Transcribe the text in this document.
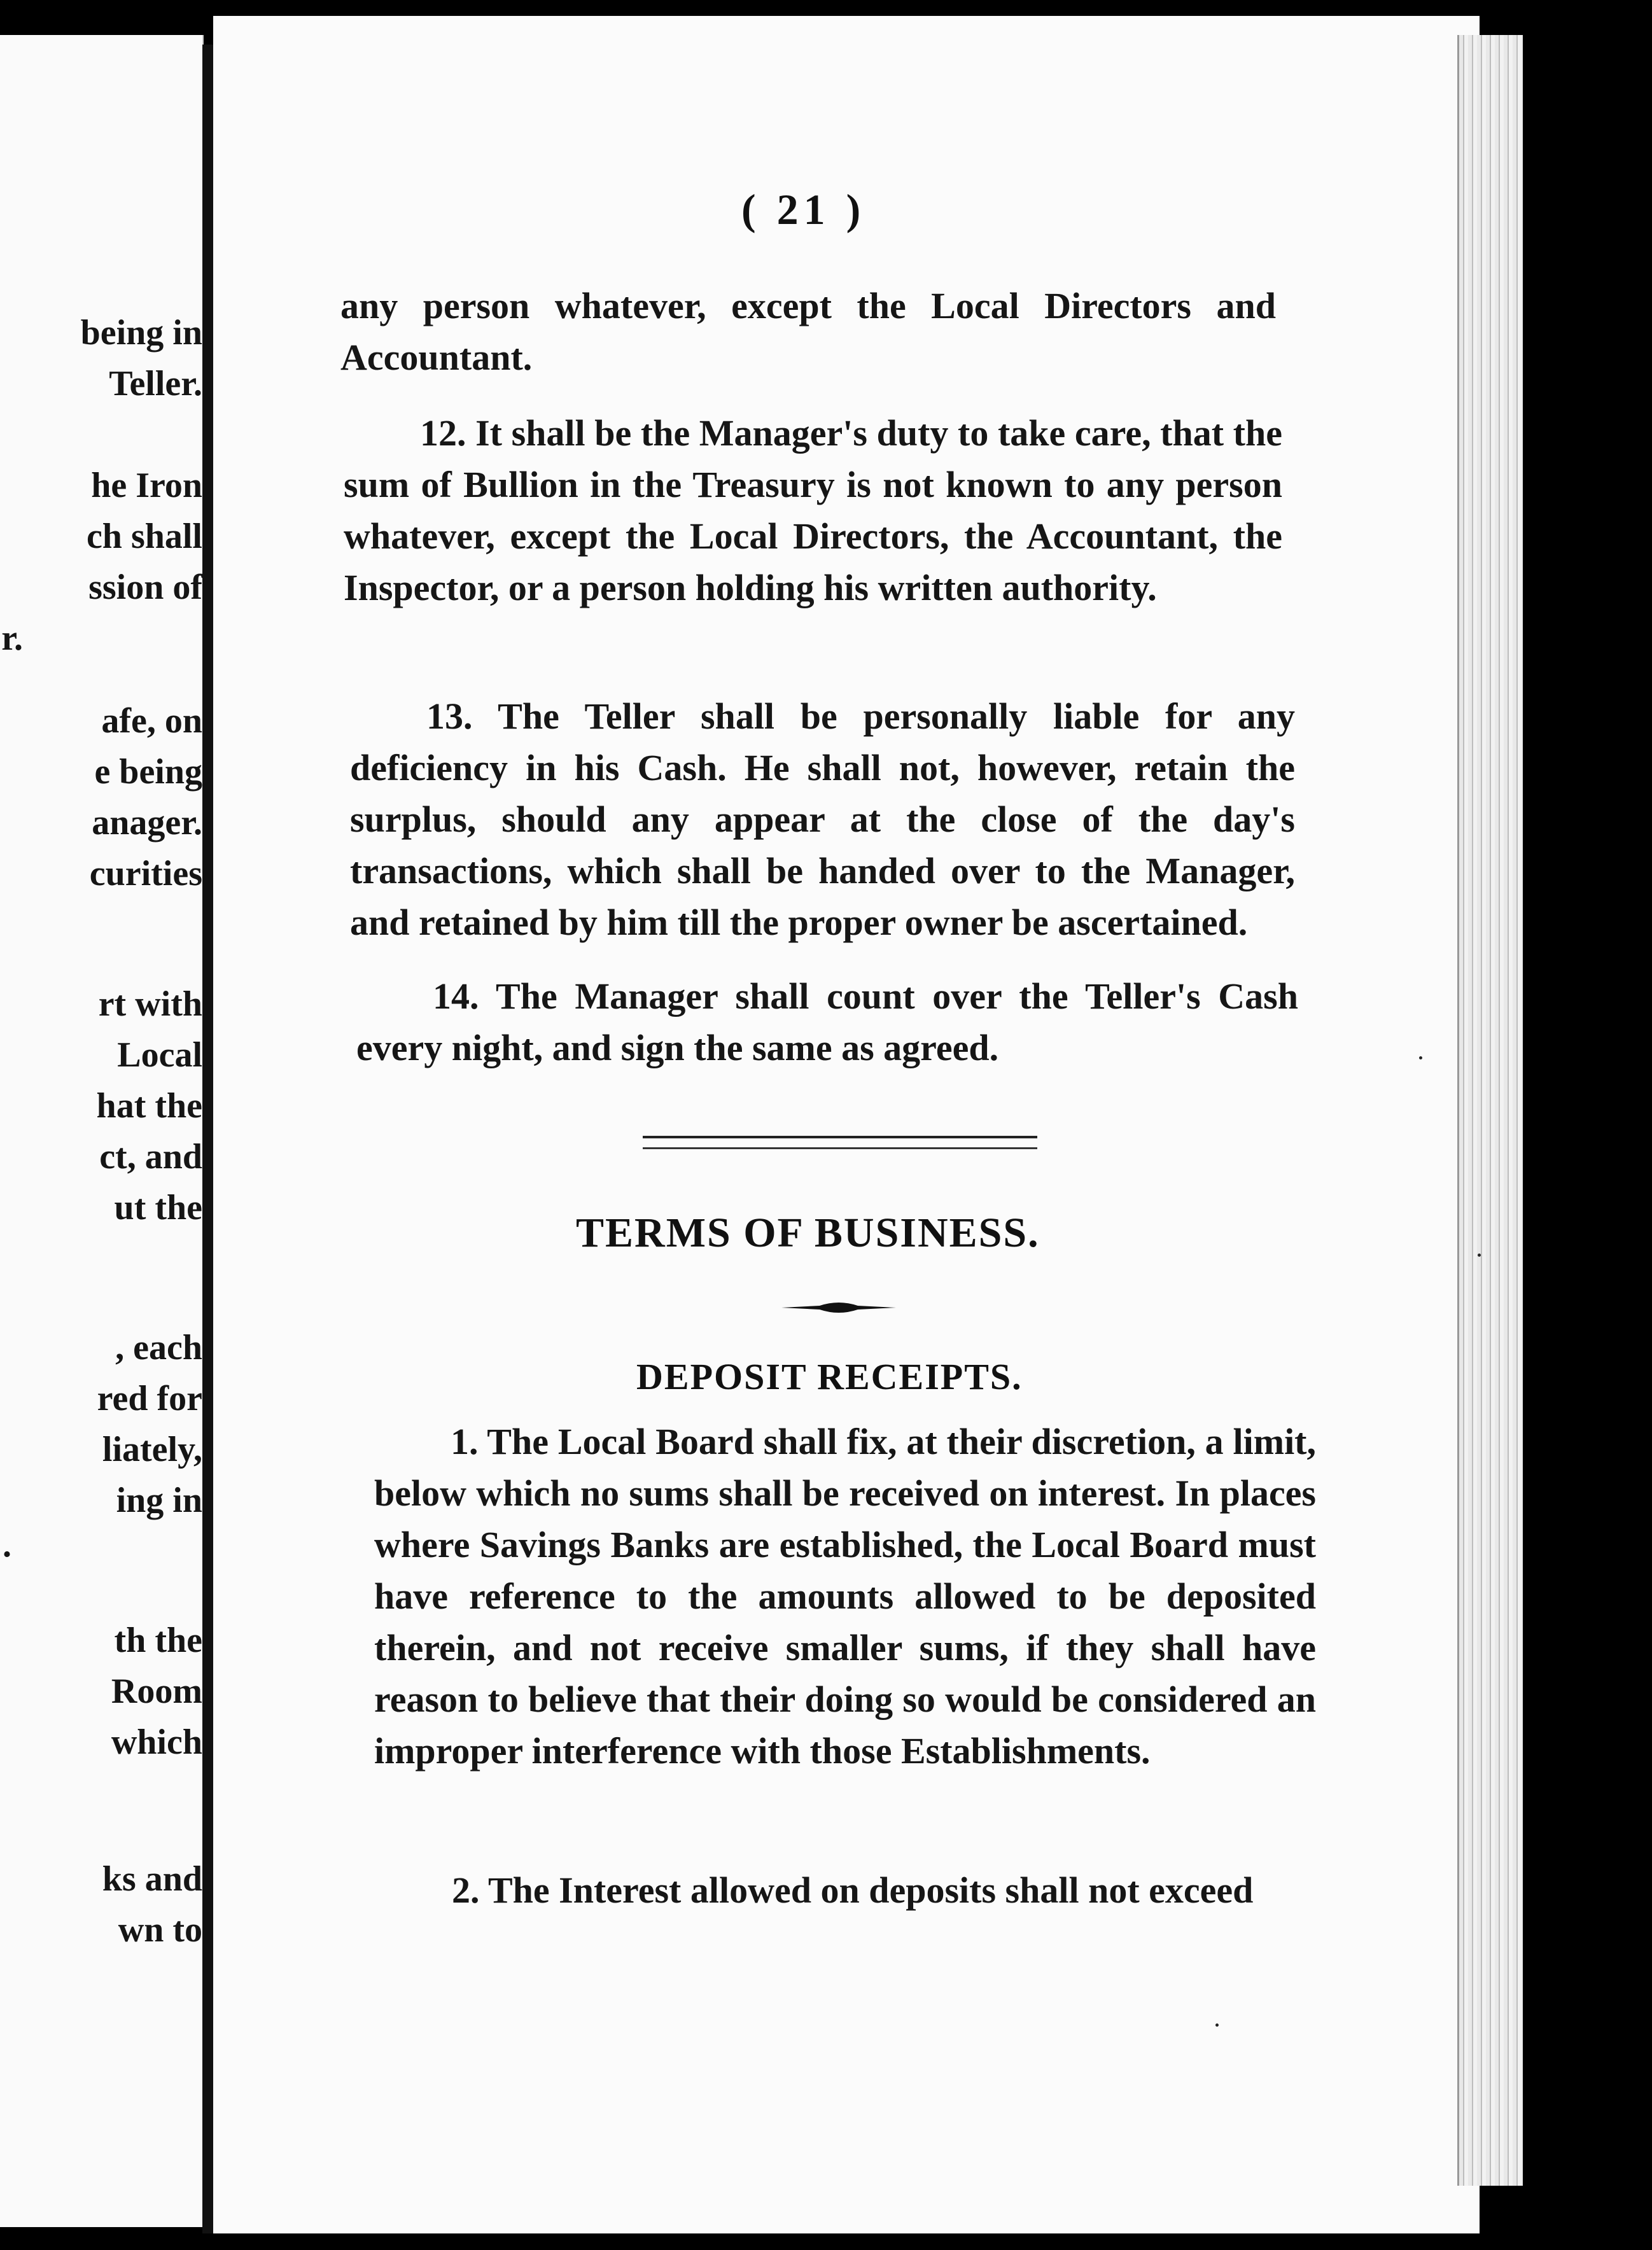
being in
Teller.
he Iron
ch shall
ssion of
r.
afe, on
e being
anager.
curities
rt with
Local
hat the
ct, and
ut the
, each
red for
liately,
ing in
.
th the
Room
which
ks and
wn to
( 21 )

any person whatever, except the Local Directors and Accountant.

12. It shall be the Manager's duty to take care, that the sum of Bullion in the Treasury is not known to any person whatever, except the Local Directors, the Accountant, the Inspector, or a person holding his written authority.

13. The Teller shall be personally liable for any deficiency in his Cash. He shall not, however, retain the surplus, should any appear at the close of the day's transactions, which shall be handed over to the Manager, and retained by him till the proper owner be ascertained.

14. The Manager shall count over the Teller's Cash every night, and sign the same as agreed.

TERMS OF BUSINESS.
DEPOSIT RECEIPTS.

1. The Local Board shall fix, at their discretion, a limit, below which no sums shall be received on interest. In places where Savings Banks are established, the Local Board must have reference to the amounts allowed to be deposited therein, and not receive smaller sums, if they shall have reason to believe that their doing so would be considered an improper interference with those Establishments.

2. The Interest allowed on deposits shall not exceed
